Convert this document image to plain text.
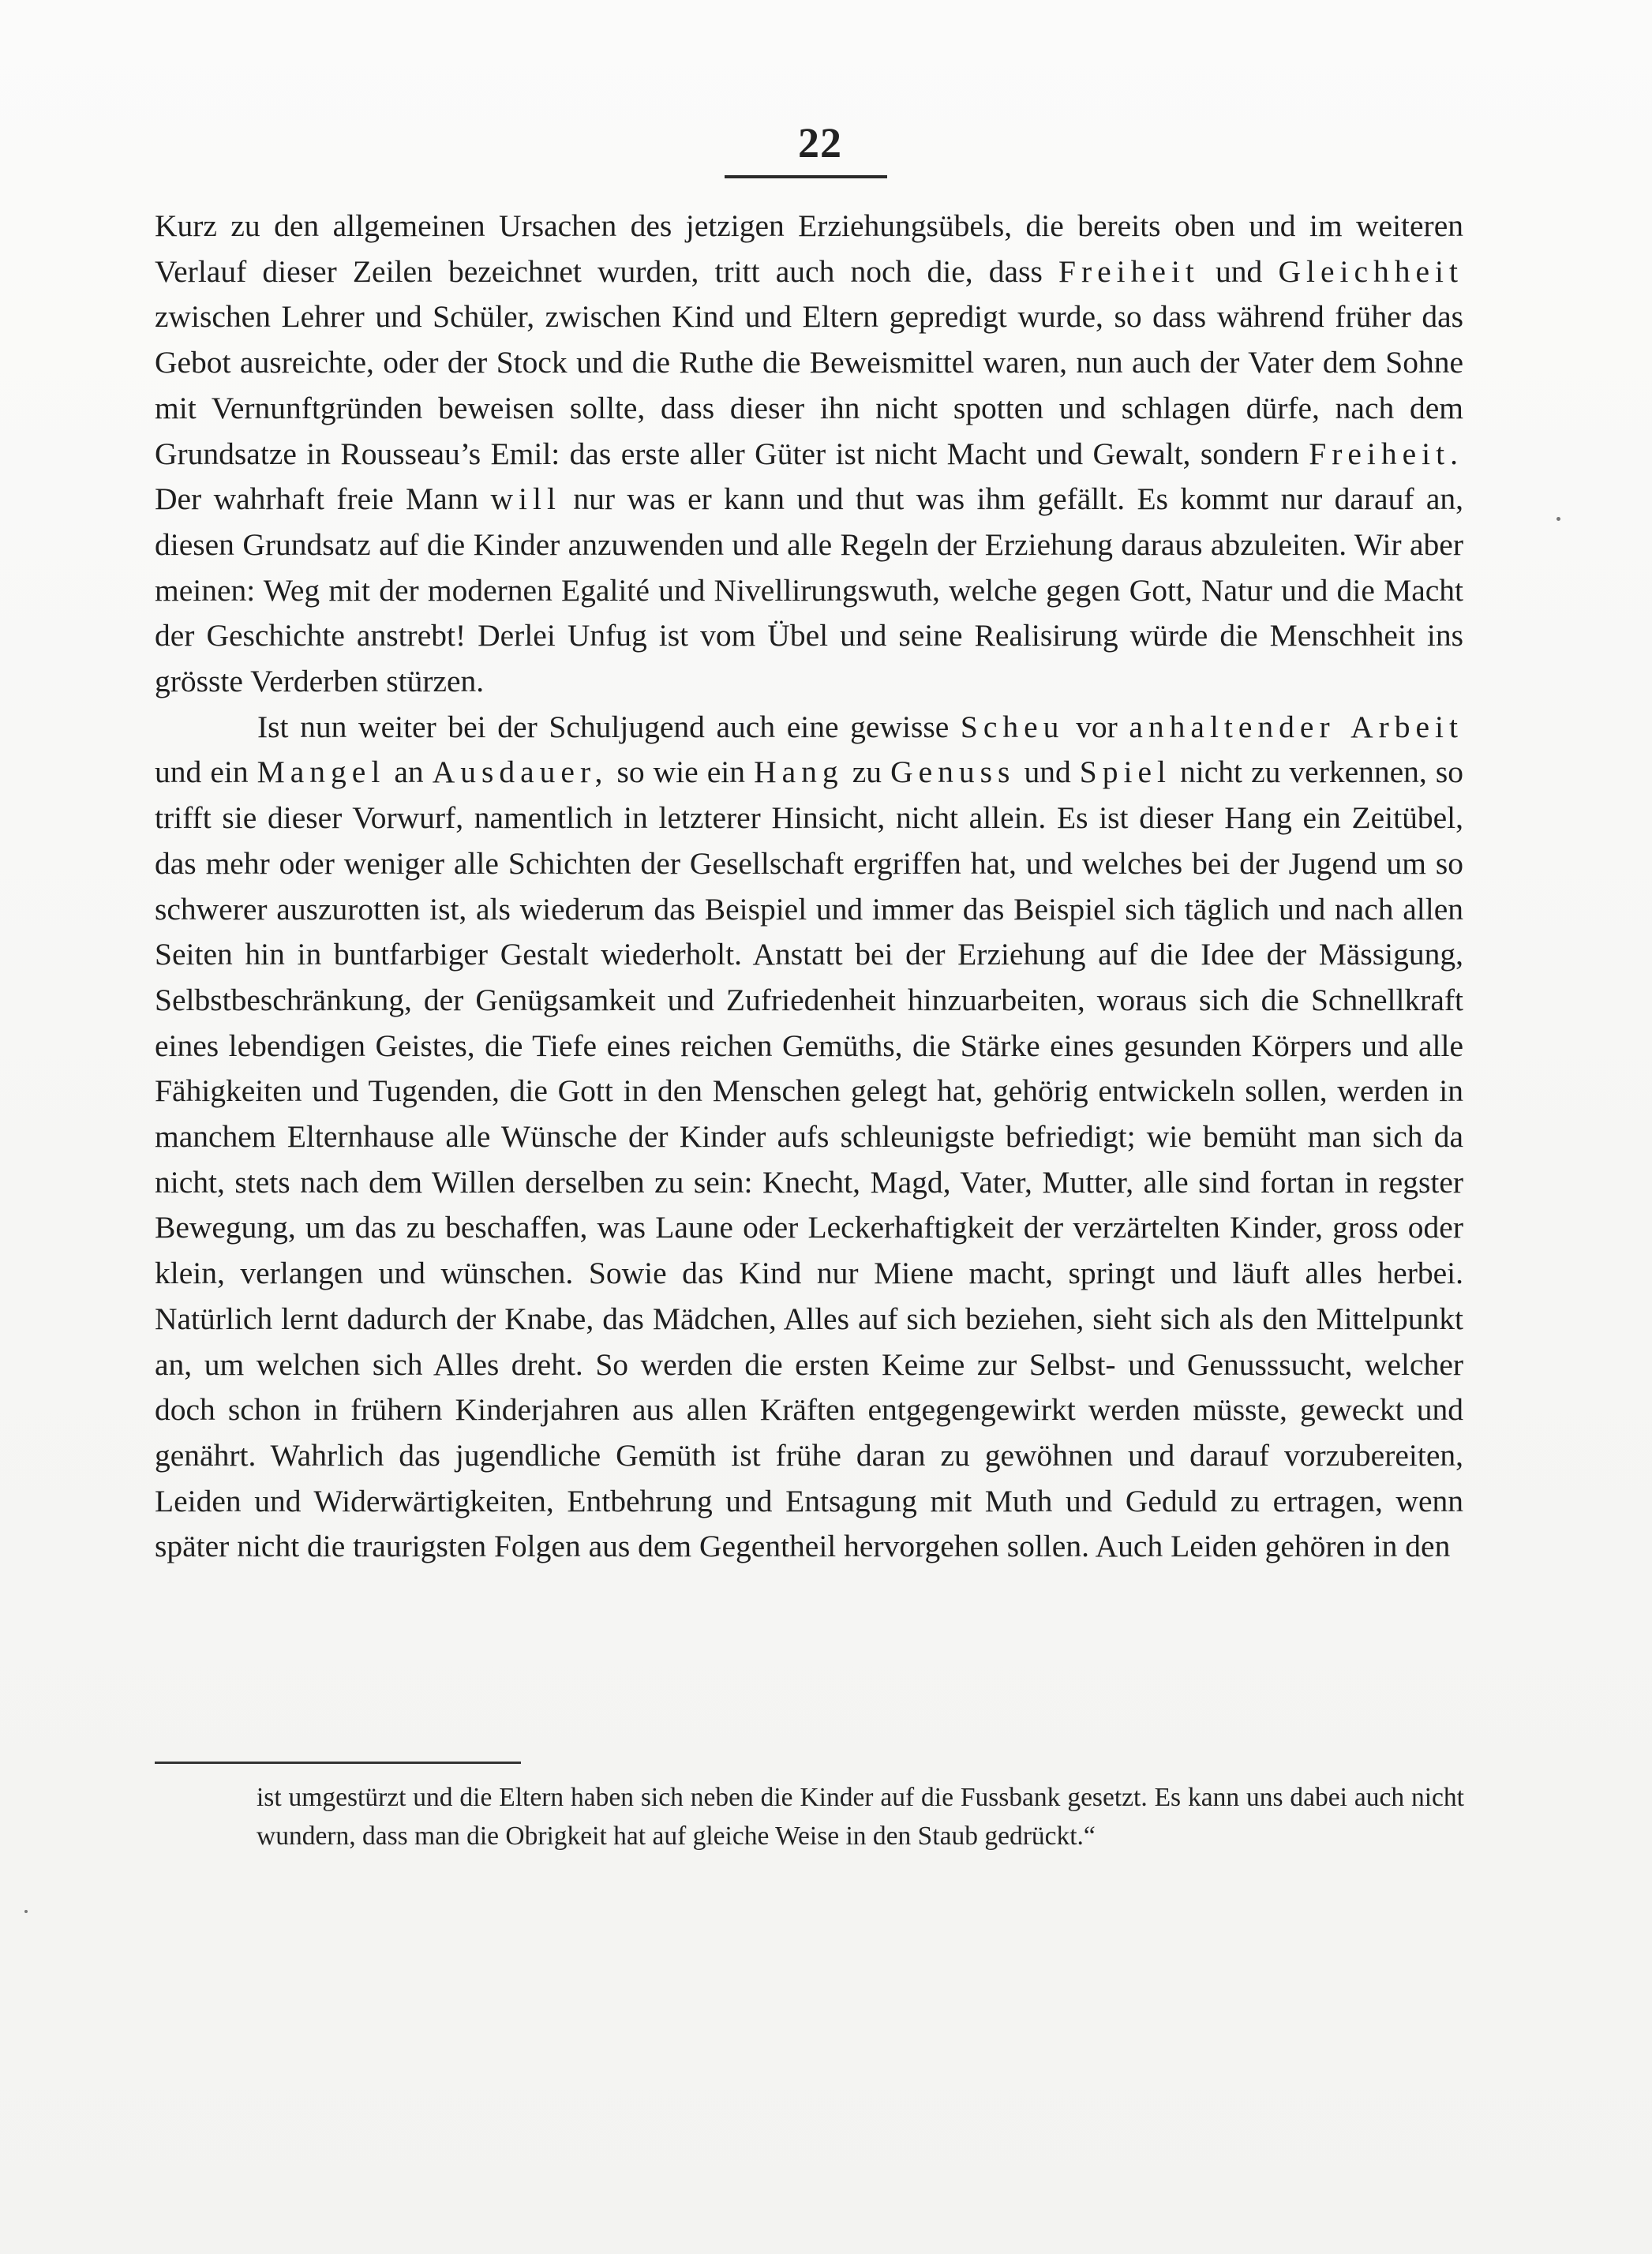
22

Kurz zu den allgemeinen Ursachen des jetzigen Erziehungsübels, die bereits oben und im weiteren Verlauf dieser Zeilen bezeichnet wurden, tritt auch noch die, dass Freiheit und Gleichheit zwischen Lehrer und Schüler, zwischen Kind und Eltern gepredigt wurde, so dass während früher das Gebot ausreichte, oder der Stock und die Ruthe die Beweismittel waren, nun auch der Vater dem Sohne mit Vernunftgründen beweisen sollte, dass dieser ihn nicht spotten und schlagen dürfe, nach dem Grundsatze in Rousseau’s Emil: das erste aller Güter ist nicht Macht und Gewalt, sondern Freiheit. Der wahrhaft freie Mann will nur was er kann und thut was ihm gefällt. Es kommt nur darauf an, diesen Grundsatz auf die Kinder anzuwenden und alle Regeln der Erziehung daraus abzuleiten. Wir aber meinen: Weg mit der modernen Egalité und Nivellirungswuth, welche gegen Gott, Natur und die Macht der Geschichte anstrebt! Derlei Unfug ist vom Übel und seine Realisirung würde die Menschheit ins grösste Verderben stürzen.

Ist nun weiter bei der Schuljugend auch eine gewisse Scheu vor anhaltender Arbeit und ein Mangel an Ausdauer, so wie ein Hang zu Genuss und Spiel nicht zu verkennen, so trifft sie dieser Vorwurf, namentlich in letzterer Hinsicht, nicht allein. Es ist dieser Hang ein Zeitübel, das mehr oder weniger alle Schichten der Gesellschaft ergriffen hat, und welches bei der Jugend um so schwerer auszurotten ist, als wiederum das Beispiel und immer das Beispiel sich täglich und nach allen Seiten hin in buntfarbiger Gestalt wiederholt. Anstatt bei der Erziehung auf die Idee der Mässigung, Selbstbeschränkung, der Genügsamkeit und Zufriedenheit hinzuarbeiten, woraus sich die Schnellkraft eines lebendigen Geistes, die Tiefe eines reichen Gemüths, die Stärke eines gesunden Körpers und alle Fähigkeiten und Tugenden, die Gott in den Menschen gelegt hat, gehörig entwickeln sollen, werden in manchem Elternhause alle Wünsche der Kinder aufs schleunigste befriedigt; wie bemüht man sich da nicht, stets nach dem Willen derselben zu sein: Knecht, Magd, Vater, Mutter, alle sind fortan in regster Bewegung, um das zu beschaffen, was Laune oder Leckerhaftigkeit der verzärtelten Kinder, gross oder klein, verlangen und wünschen. Sowie das Kind nur Miene macht, springt und läuft alles herbei. Natürlich lernt dadurch der Knabe, das Mädchen, Alles auf sich beziehen, sieht sich als den Mittelpunkt an, um welchen sich Alles dreht. So werden die ersten Keime zur Selbst- und Genusssucht, welcher doch schon in frühern Kinderjahren aus allen Kräften entgegengewirkt werden müsste, geweckt und genährt. Wahrlich das jugendliche Gemüth ist frühe daran zu gewöhnen und darauf vorzubereiten, Leiden und Widerwärtigkeiten, Entbehrung und Entsagung mit Muth und Geduld zu ertragen, wenn später nicht die traurigsten Folgen aus dem Gegentheil hervorgehen sollen. Auch Leiden gehören in den

ist umgestürzt und die Eltern haben sich neben die Kinder auf die Fussbank gesetzt. Es kann uns dabei auch nicht wundern, dass man die Obrigkeit hat auf gleiche Weise in den Staub gedrückt.“
